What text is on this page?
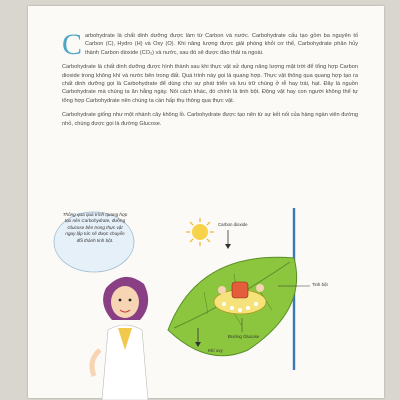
C arbohydrate là chất dinh dưỡng được làm từ Carbon và nước. Carbohydrate cấu tạo gồm ba nguyên tố Carbon (C), Hydro (H) và Oxy (O). Khi năng lượng được giải phóng khỏi cơ thể, Carbohydrate phân hủy thành Carbon dioxide (CO₂) và nước, sau đó sẽ được đào thải ra ngoài.

Carbohydrate là chất dinh dưỡng được hình thành sau khi thực vật sử dụng năng lượng mặt trời để tổng hợp Carbon dioxide trong không khí và nước bên trong đất. Quá trình này gọi là quang hợp. Thực vật thông qua quang hợp tạo ra chất dinh dưỡng gọi là Carbohydrate để dùng cho sự phát triển và lưu trữ chúng ở rễ hay trái, hạt. Đây là nguồn Carbohydrate mà chúng ta ăn hằng ngày. Nói cách khác, đó chính là tinh bột. Động vật hay con người không thể tự tổng hợp Carbohydrate nên chúng ta cần hấp thụ thông qua thực vật.

Carbohydrate giống như một nhánh cây không lồ. Carbohydrate được tạo nên từ sự kết nối của hàng ngàn viên đường nhỏ, chúng được gọi là đường Glucose.

Thông qua quá trình quang hợp tạo nên Carbohydrate, đường Glucose bên trong thực vật ngay lập tức sẽ được chuyển đổi thành tinh bột.
Carbon dioxide
Tinh bột
Đường Glucose
Khí oxy
